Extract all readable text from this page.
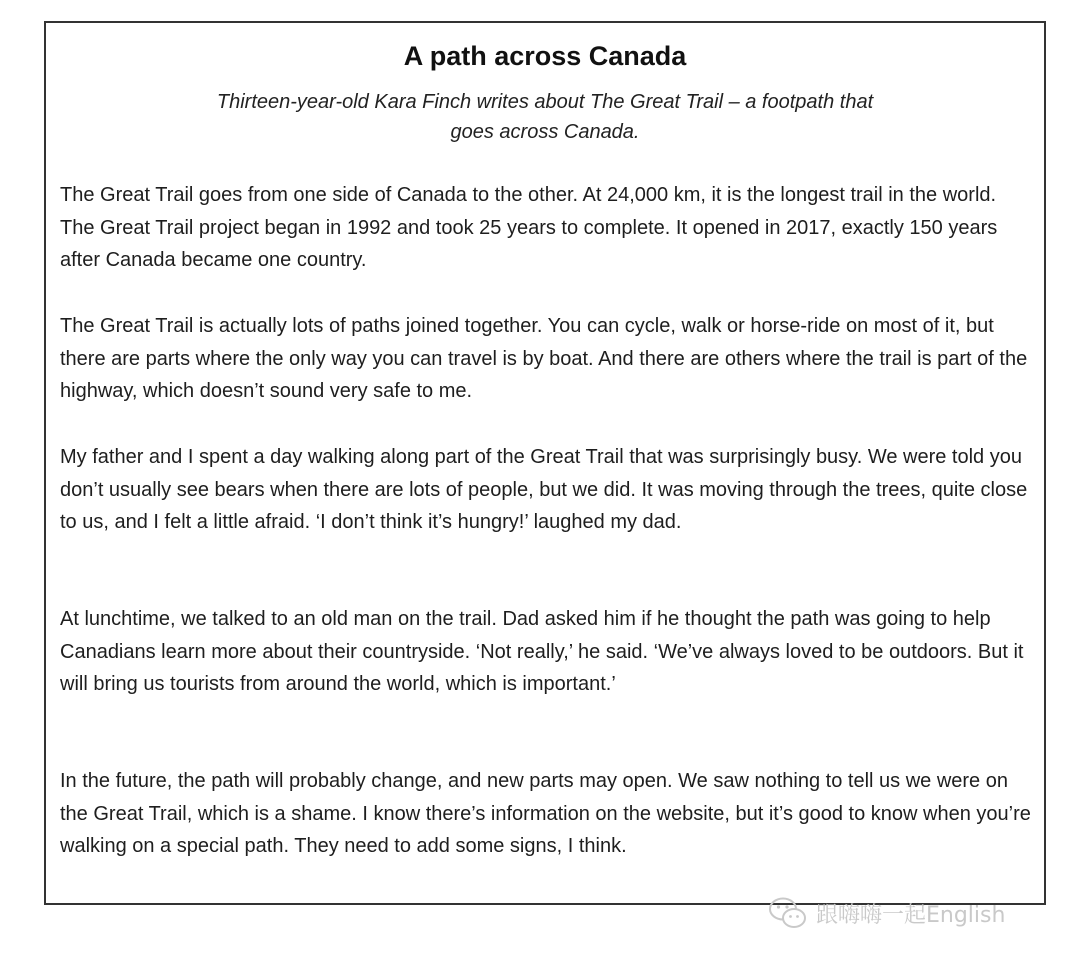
A path across Canada
Thirteen-year-old Kara Finch writes about The Great Trail – a footpath that
goes across Canada.

The Great Trail goes from one side of Canada to the other. At 24,000 km, it is the longest trail in the world. The Great Trail project began in 1992 and took 25 years to complete. It opened in 2017, exactly 150 years after Canada became one country.

The Great Trail is actually lots of paths joined together. You can cycle, walk or horse-ride on most of it, but there are parts where the only way you can travel is by boat. And there are others where the trail is part of the highway, which doesn’t sound very safe to me.

My father and I spent a day walking along part of the Great Trail that was surprisingly busy. We were told you don’t usually see bears when there are lots of people, but we did. It was moving through the trees, quite close to us, and I felt a little afraid. ‘I don’t think it’s hungry!’ laughed my dad.

At lunchtime, we talked to an old man on the trail. Dad asked him if he thought the path was going to help Canadians learn more about their countryside. ‘Not really,’ he said. ‘We’ve always loved to be outdoors. But it will bring us tourists from around the world, which is important.’

In the future, the path will probably change, and new parts may open. We saw nothing to tell us we were on the Great Trail, which is a shame. I know there’s information on the website, but it’s good to know when you’re walking on a special path. They need to add some signs, I think.

跟嗨嗨一起English
